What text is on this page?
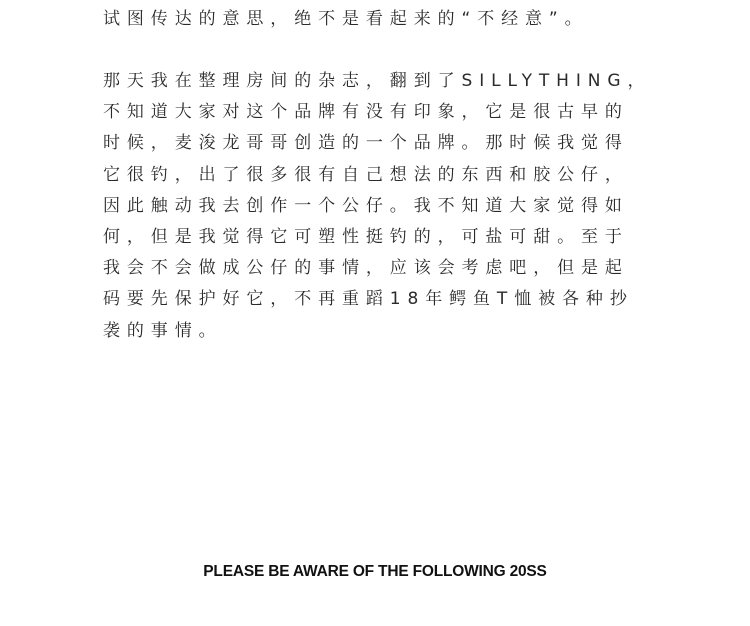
试图传达的意思，绝不是看起来的“不经意”。
那天我在整理房间的杂志，翻到了SILLYTHING，
不知道大家对这个品牌有没有印象，它是很古早的
时候，麦浚龙哥哥创造的一个品牌。那时候我觉得
它很钓，出了很多很有自己想法的东西和胶公仔，
因此触动我去创作一个公仔。我不知道大家觉得如
何，但是我觉得它可塑性挺钓的，可盐可甜。至于
我会不会做成公仔的事情，应该会考虑吧，但是起
码要先保护好它，不再重蹈18年鳄鱼T恤被各种抄
袭的事情。
PLEASE BE AWARE OF THE FOLLOWING 20SS
